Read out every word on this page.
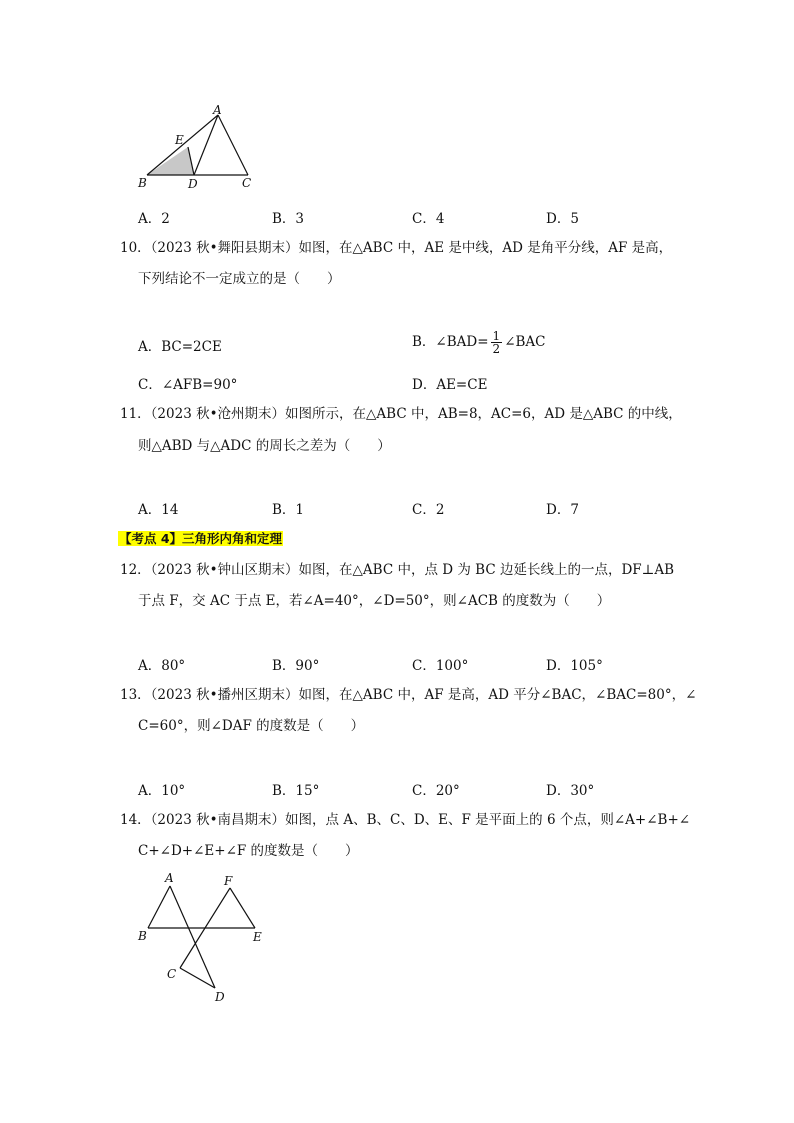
A
E
B	D	C
A．2	B．3	C．4	D．5
10．（2023 秋•舞阳县期末）如图，在△ABC 中，AE 是中线，AD 是角平分线，AF 是高，
下列结论不一定成立的是（　　）
A．BC=2CE	B．∠BAD= $\frac{1}{2}$ ∠BAC
C．∠AFB=90°	D．AE=CE
11．（2023 秋•沧州期末）如图所示，在△ABC 中，AB=8，AC=6，AD 是△ABC 的中线，
则△ABD 与△ADC 的周长之差为（　　）
A．14	B．1	C．2	D．7
【考点 4】三角形内角和定理
12．（2023 秋•钟山区期末）如图，在△ABC 中，点 D 为 BC 边延长线上的一点，DF⊥AB
于点 F，交 AC 于点 E，若∠A=40°，∠D=50°，则∠ACB 的度数为（　　）
A．80°	B．90°	C．100°	D．105°
13．（2023 秋•播州区期末）如图，在△ABC 中，AF 是高，AD 平分∠BAC，∠BAC=80°，∠
C=60°，则∠DAF 的度数是（　　）
A．10°	B．15°	C．20°	D．30°
14．（2023 秋•南昌期末）如图，点 A、B、C、D、E、F 是平面上的 6 个点，则∠A+∠B+∠
C+∠D+∠E+∠F 的度数是（　　）
A	F
B	E
C
D
